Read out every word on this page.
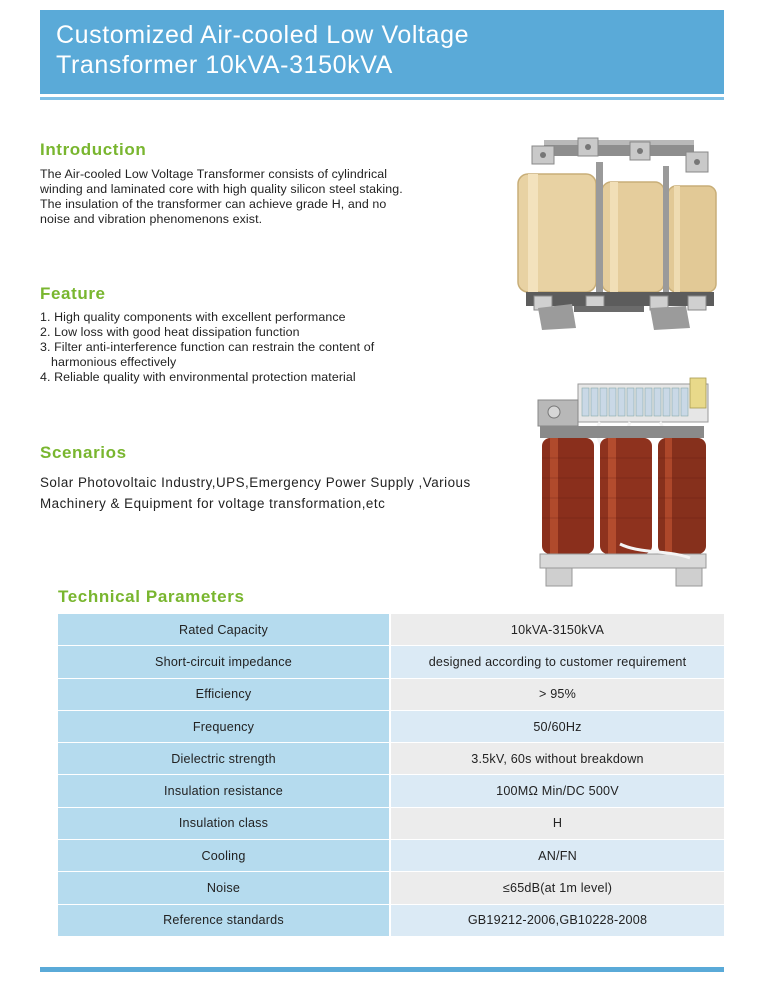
Customized Air-cooled Low Voltage
Transformer 10kVA-3150kVA
Introduction

The Air-cooled Low Voltage Transformer consists of cylindrical

winding and laminated core with high quality silicon steel staking.

The insulation of the transformer can achieve grade H, and no

noise and vibration phenomenons exist.

Feature
1. High quality components with excellent performance
2. Low loss with good heat dissipation function
3. Filter anti-interference function can restrain the content of
harmonious effectively
4. Reliable quality with environmental protection material
Scenarios
Solar Photovoltaic Industry,UPS,Emergency Power Supply ,Various
Machinery & Equipment for voltage transformation,etc
Technical Parameters
Rated Capacity	10kVA-3150kVA
Short-circuit impedance	designed according to customer requirement
Efficiency	> 95%
Frequency	50/60Hz
Dielectric strength	3.5kV, 60s without breakdown
Insulation resistance	100MΩ Min/DC 500V
Insulation class	H
Cooling	AN/FN
Noise	≤65dB(at 1m level)
Reference standards	GB19212-2006,GB10228-2008
